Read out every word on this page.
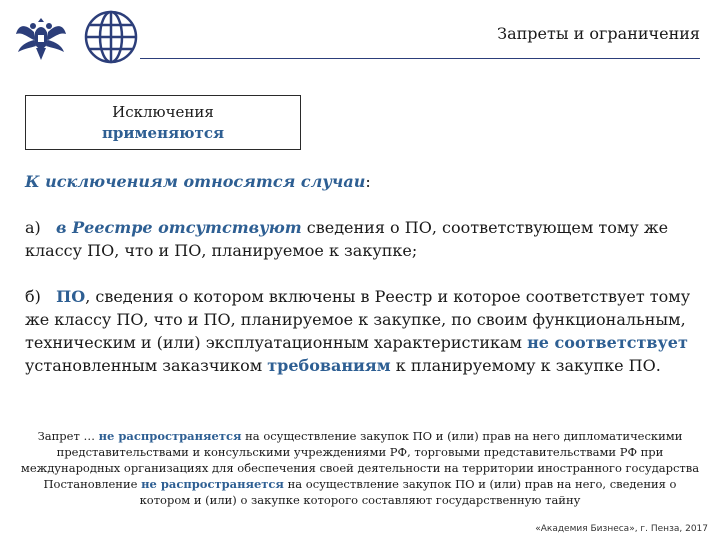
Запреты и ограничения
Исключения
применяются

К исключениям относятся случаи:

а) в Реестре отсутствуют сведения о ПО, соответствующем тому же классу ПО, что и ПО, планируемое к закупке;

б) ПО, сведения о котором включены в Реестр и которое соответствует тому же классу ПО, что и ПО, планируемое к закупке, по своим функциональным, техническим и (или) эксплуатационным характеристикам не соответствует установленным заказчиком требованиям к планируемому к закупке ПО.

Запрет … не распространяется на осуществление закупок ПО и (или) прав на него дипломатическими представительствами и консульскими учреждениями РФ, торговыми представительствами РФ при международных организациях для обеспечения своей деятельности на территории иностранного государства
Постановление не распространяется на осуществление закупок ПО и (или) прав на него, сведения о котором и (или) о закупке которого составляют государственную тайну
«Академия Бизнеса», г. Пенза, 2017
